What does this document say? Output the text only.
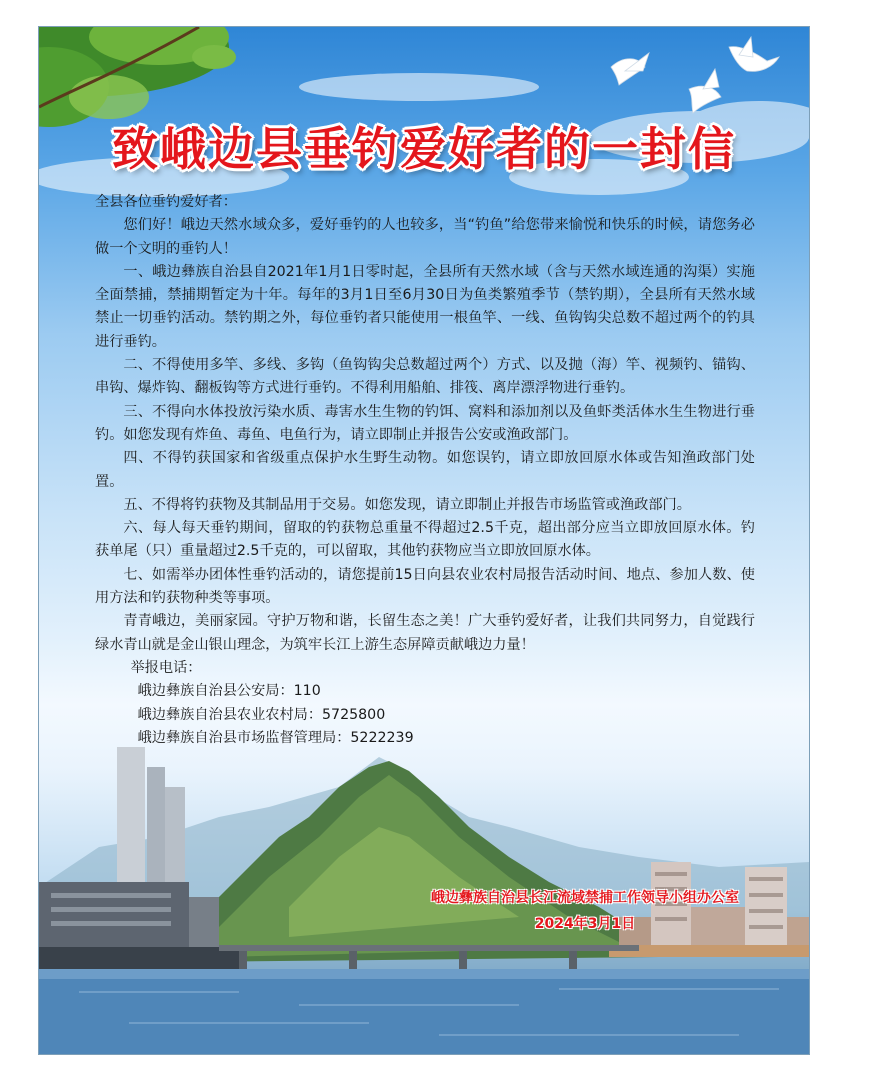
致峨边县垂钓爱好者的一封信

全县各位垂钓爱好者：

您们好！峨边天然水域众多，爱好垂钓的人也较多，当“钓鱼”给您带来愉悦和快乐的时候，请您务必做一个文明的垂钓人！

一、峨边彝族自治县自2021年1月1日零时起，全县所有天然水域（含与天然水域连通的沟渠）实施全面禁捕，禁捕期暂定为十年。每年的3月1日至6月30日为鱼类繁殖季节（禁钓期），全县所有天然水域禁止一切垂钓活动。禁钓期之外，每位垂钓者只能使用一根鱼竿、一线、鱼钩钩尖总数不超过两个的钓具进行垂钓。

二、不得使用多竿、多线、多钩（鱼钩钩尖总数超过两个）方式、以及抛（海）竿、视频钓、锚钩、串钩、爆炸钩、翻板钩等方式进行垂钓。不得利用船舶、排筏、离岸漂浮物进行垂钓。

三、不得向水体投放污染水质、毒害水生生物的钓饵、窝料和添加剂以及鱼虾类活体水生生物进行垂钓。如您发现有炸鱼、毒鱼、电鱼行为，请立即制止并报告公安或渔政部门。

四、不得钓获国家和省级重点保护水生野生动物。如您误钓，请立即放回原水体或告知渔政部门处置。

五、不得将钓获物及其制品用于交易。如您发现，请立即制止并报告市场监管或渔政部门。

六、每人每天垂钓期间，留取的钓获物总重量不得超过2.5千克，超出部分应当立即放回原水体。钓获单尾（只）重量超过2.5千克的，可以留取，其他钓获物应当立即放回原水体。

七、如需举办团体性垂钓活动的，请您提前15日向县农业农村局报告活动时间、地点、参加人数、使用方法和钓获物种类等事项。

青青峨边，美丽家园。守护万物和谐，长留生态之美！广大垂钓爱好者，让我们共同努力，自觉践行绿水青山就是金山银山理念，为筑牢长江上游生态屏障贡献峨边力量！

举报电话：

峨边彝族自治县公安局：110

峨边彝族自治县农业农村局：5725800

峨边彝族自治县市场监督管理局：5222239

峨边彝族自治县长江流域禁捕工作领导小组办公室
2024年3月1日
